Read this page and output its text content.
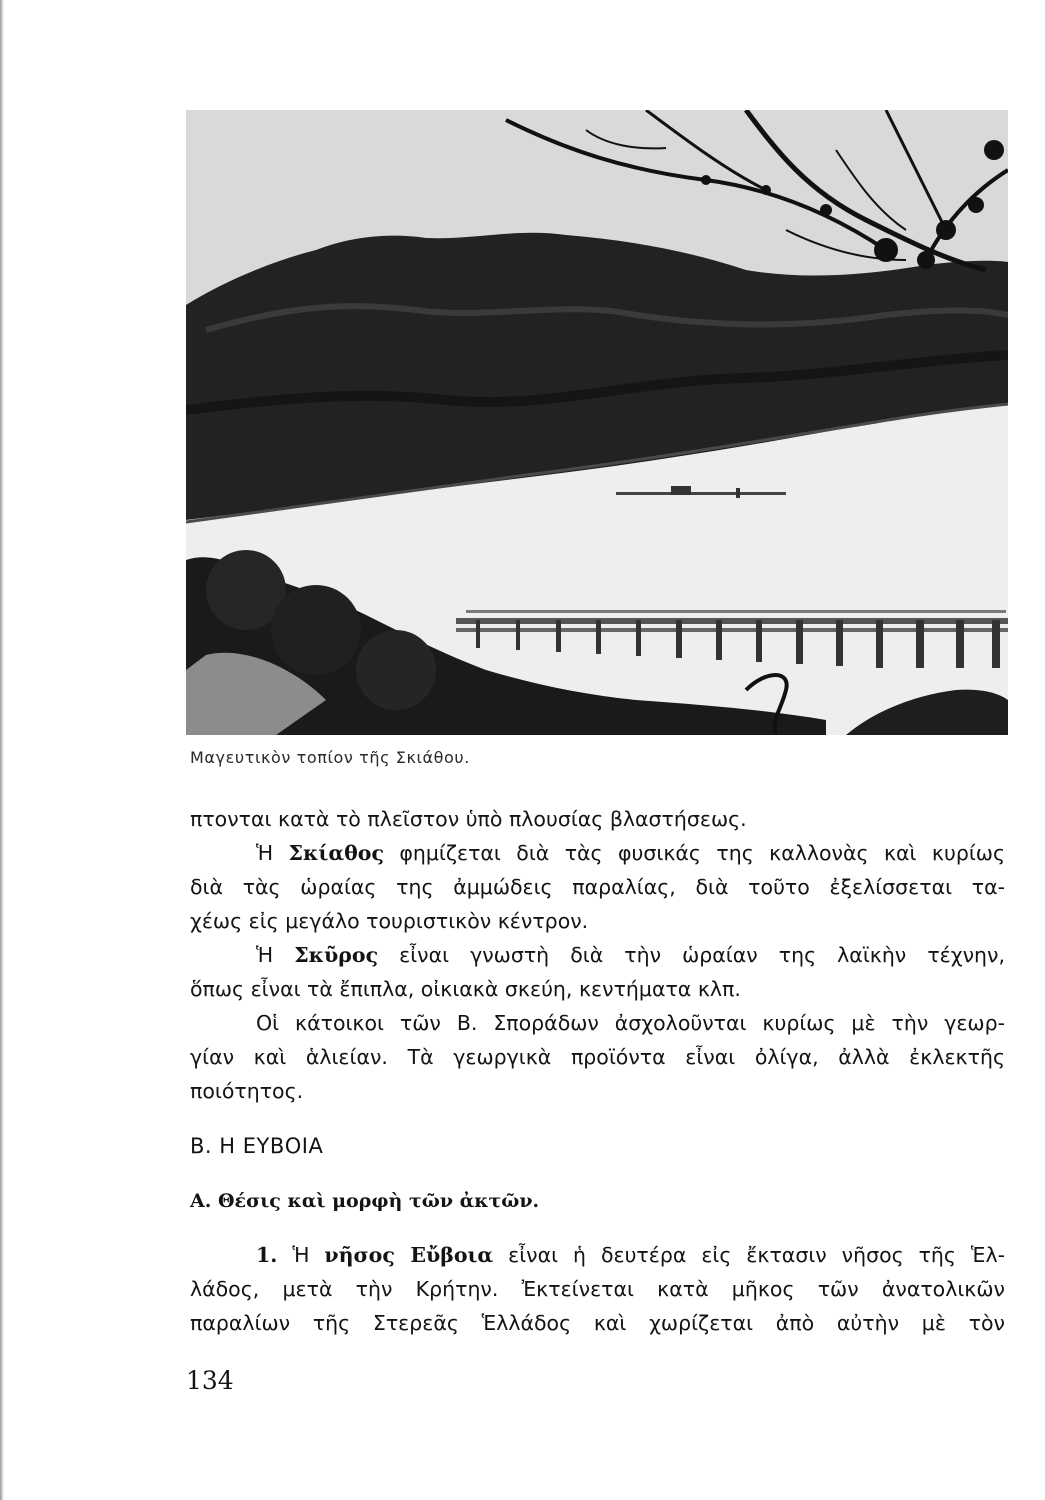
Μαγευτικὸν τοπίον τῆς Σκιάθου.
πτονται κατὰ τὸ πλεῖστον ὑπὸ πλουσίας βλαστήσεως.
Ἡ Σκίαθος φημίζεται διὰ τὰς φυσικάς της καλλονὰς καὶ κυρίως
διὰ τὰς ὡραίας της ἀμμώδεις παραλίας, διὰ τοῦτο ἐξελίσσεται τα-
χέως εἰς μεγάλο τουριστικὸν κέντρον.
Ἡ Σκῦρος εἶναι γνωστὴ διὰ τὴν ὡραίαν της λαϊκὴν τέχνην,
ὅπως εἶναι τὰ ἔπιπλα, οἰκιακὰ σκεύη, κεντήματα κλπ.
Οἱ κάτοικοι τῶν Β. Σποράδων ἀσχολοῦνται κυρίως μὲ τὴν γεωρ-
γίαν καὶ ἁλιείαν. Τὰ γεωργικὰ προϊόντα εἶναι ὀλίγα, ἀλλὰ ἐκλεκτῆς
ποιότητος.
Β. Η ΕΥΒΟΙΑ
Α. Θέσις καὶ μορφὴ τῶν ἀκτῶν.
1. Ἡ νῆσος Εὔβοια εἶναι ἡ δευτέρα εἰς ἔκτασιν νῆσος τῆς Ἑλ-
λάδος, μετὰ τὴν Κρήτην. Ἐκτείνεται κατὰ μῆκος τῶν ἀνατολικῶν
παραλίων τῆς Στερεᾶς Ἑλλάδος καὶ χωρίζεται ἀπὸ αὐτὴν μὲ τὸν
134
